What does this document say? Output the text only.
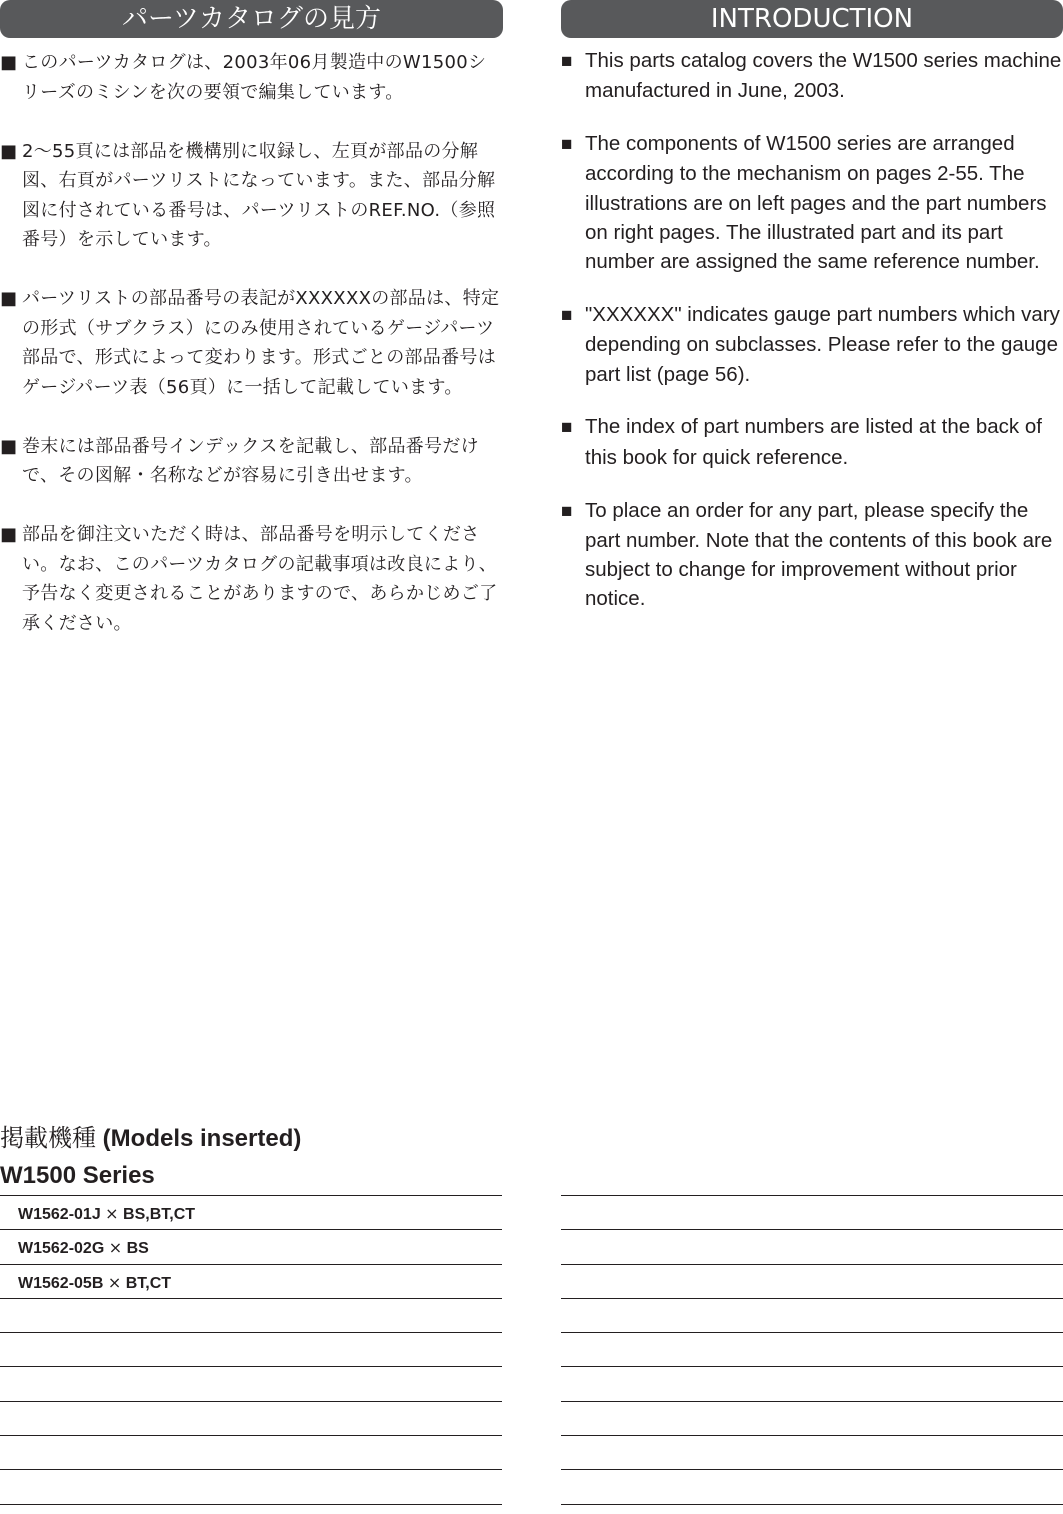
パーツカタログの見方
■ このパーツカタログは、2003年06月製造中のW1500シリーズのミシンを次の要領で編集しています。
■ 2～55頁には部品を機構別に収録し、左頁が部品の分解図、右頁がパーツリストになっています。また、部品分解図に付されている番号は、パーツリストのREF.NO.（参照番号）を示しています。
■ パーツリストの部品番号の表記がXXXXXXの部品は、特定の形式（サブクラス）にのみ使用されているゲージパーツ部品で、形式によって変わります。形式ごとの部品番号はゲージパーツ表（56頁）に一括して記載しています。
■ 巻末には部品番号インデックスを記載し、部品番号だけで、その図解・名称などが容易に引き出せます。
■ 部品を御注文いただく時は、部品番号を明示してください。なお、このパーツカタログの記載事項は改良により、予告なく変更されることがありますので、あらかじめご了承ください。
INTRODUCTION
■ This parts catalog covers the W1500 series machine manufactured in June, 2003.
■ The components of W1500 series are arranged according to the mechanism on pages 2-55. The illustrations are on left pages and the part numbers on right pages. The illustrated part and its part number are assigned the same reference number.
■ "XXXXXX" indicates gauge part numbers which vary depending on subclasses. Please refer to the gauge part list (page 56).
■ The index of part numbers are listed at the back of this book for quick reference.
■ To place an order for any part, please specify the part number. Note that the contents of this book are subject to change for improvement without prior notice.
掲載機種 (Models inserted)
W1500 Series
W1562-01J × BS,BT,CT
W1562-02G × BS
W1562-05B × BT,CT
